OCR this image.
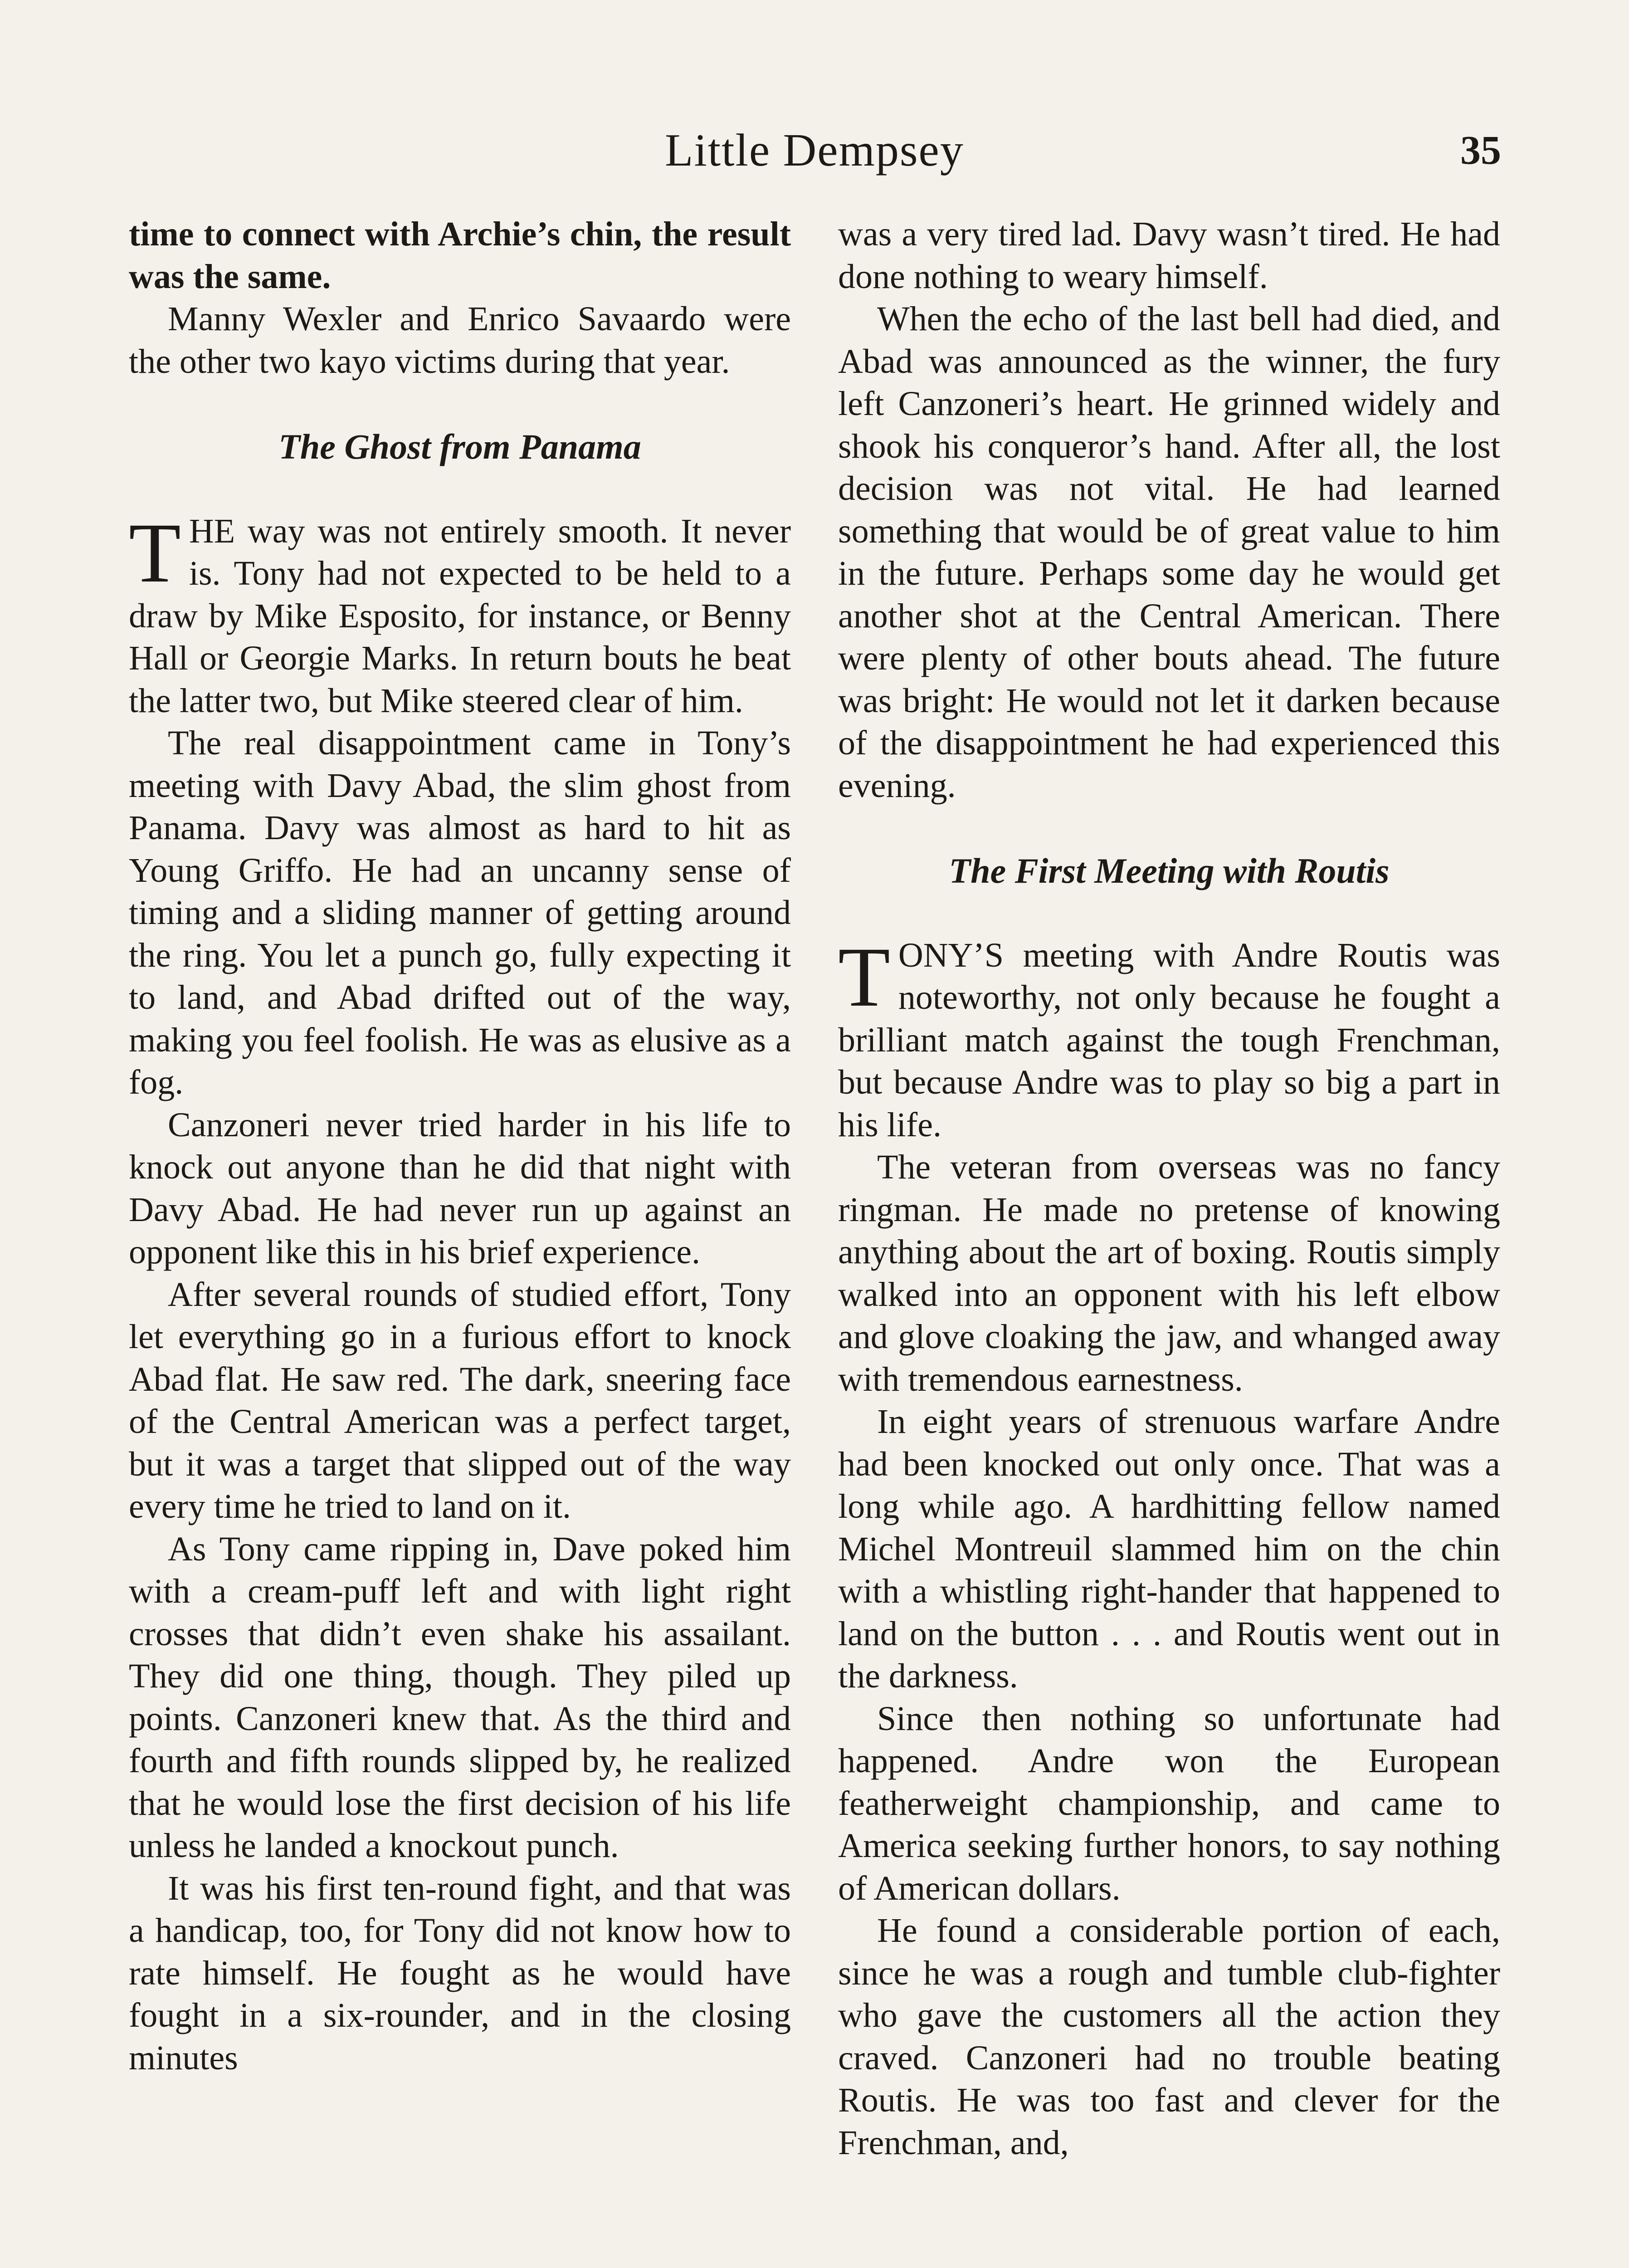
Little Dempsey	35

time to connect with Archie’s chin, the result was the same.

Manny Wexler and Enrico Savaardo were the other two kayo victims during that year.

The Ghost from Panama

THE way was not entirely smooth. It never is. Tony had not expected to be held to a draw by Mike Esposito, for instance, or Benny Hall or Georgie Marks. In return bouts he beat the latter two, but Mike steered clear of him.

The real disappointment came in Tony’s meeting with Davy Abad, the slim ghost from Panama. Davy was almost as hard to hit as Young Griffo. He had an uncanny sense of timing and a sliding manner of getting around the ring. You let a punch go, fully expecting it to land, and Abad drifted out of the way, making you feel foolish. He was as elusive as a fog.

Canzoneri never tried harder in his life to knock out anyone than he did that night with Davy Abad. He had never run up against an opponent like this in his brief experience.

After several rounds of studied effort, Tony let everything go in a furious effort to knock Abad flat. He saw red. The dark, sneering face of the Central American was a perfect target, but it was a target that slipped out of the way every time he tried to land on it.

As Tony came ripping in, Dave poked him with a cream-puff left and with light right crosses that didn’t even shake his assailant. They did one thing, though. They piled up points. Canzoneri knew that. As the third and fourth and fifth rounds slipped by, he realized that he would lose the first decision of his life unless he landed a knockout punch.

It was his first ten-round fight, and that was a handicap, too, for Tony did not know how to rate himself. He fought as he would have fought in a six-rounder, and in the closing minutes

was a very tired lad. Davy wasn’t tired. He had done nothing to weary himself.

When the echo of the last bell had died, and Abad was announced as the winner, the fury left Canzoneri’s heart. He grinned widely and shook his conqueror’s hand. After all, the lost decision was not vital. He had learned something that would be of great value to him in the future. Perhaps some day he would get another shot at the Central American. There were plenty of other bouts ahead. The future was bright: He would not let it darken because of the disappointment he had experienced this evening.

The First Meeting with Routis

TONY’S meeting with Andre Routis was noteworthy, not only because he fought a brilliant match against the tough Frenchman, but because Andre was to play so big a part in his life.

The veteran from overseas was no fancy ringman. He made no pretense of knowing anything about the art of boxing. Routis simply walked into an opponent with his left elbow and glove cloaking the jaw, and whanged away with tremendous earnestness.

In eight years of strenuous warfare Andre had been knocked out only once. That was a long while ago. A hardhitting fellow named Michel Montreuil slammed him on the chin with a whistling right-hander that happened to land on the button . . . and Routis went out in the darkness.

Since then nothing so unfortunate had happened. Andre won the European featherweight championship, and came to America seeking further honors, to say nothing of American dollars.

He found a considerable portion of each, since he was a rough and tumble club-fighter who gave the customers all the action they craved. Canzoneri had no trouble beating Routis. He was too fast and clever for the Frenchman, and,
